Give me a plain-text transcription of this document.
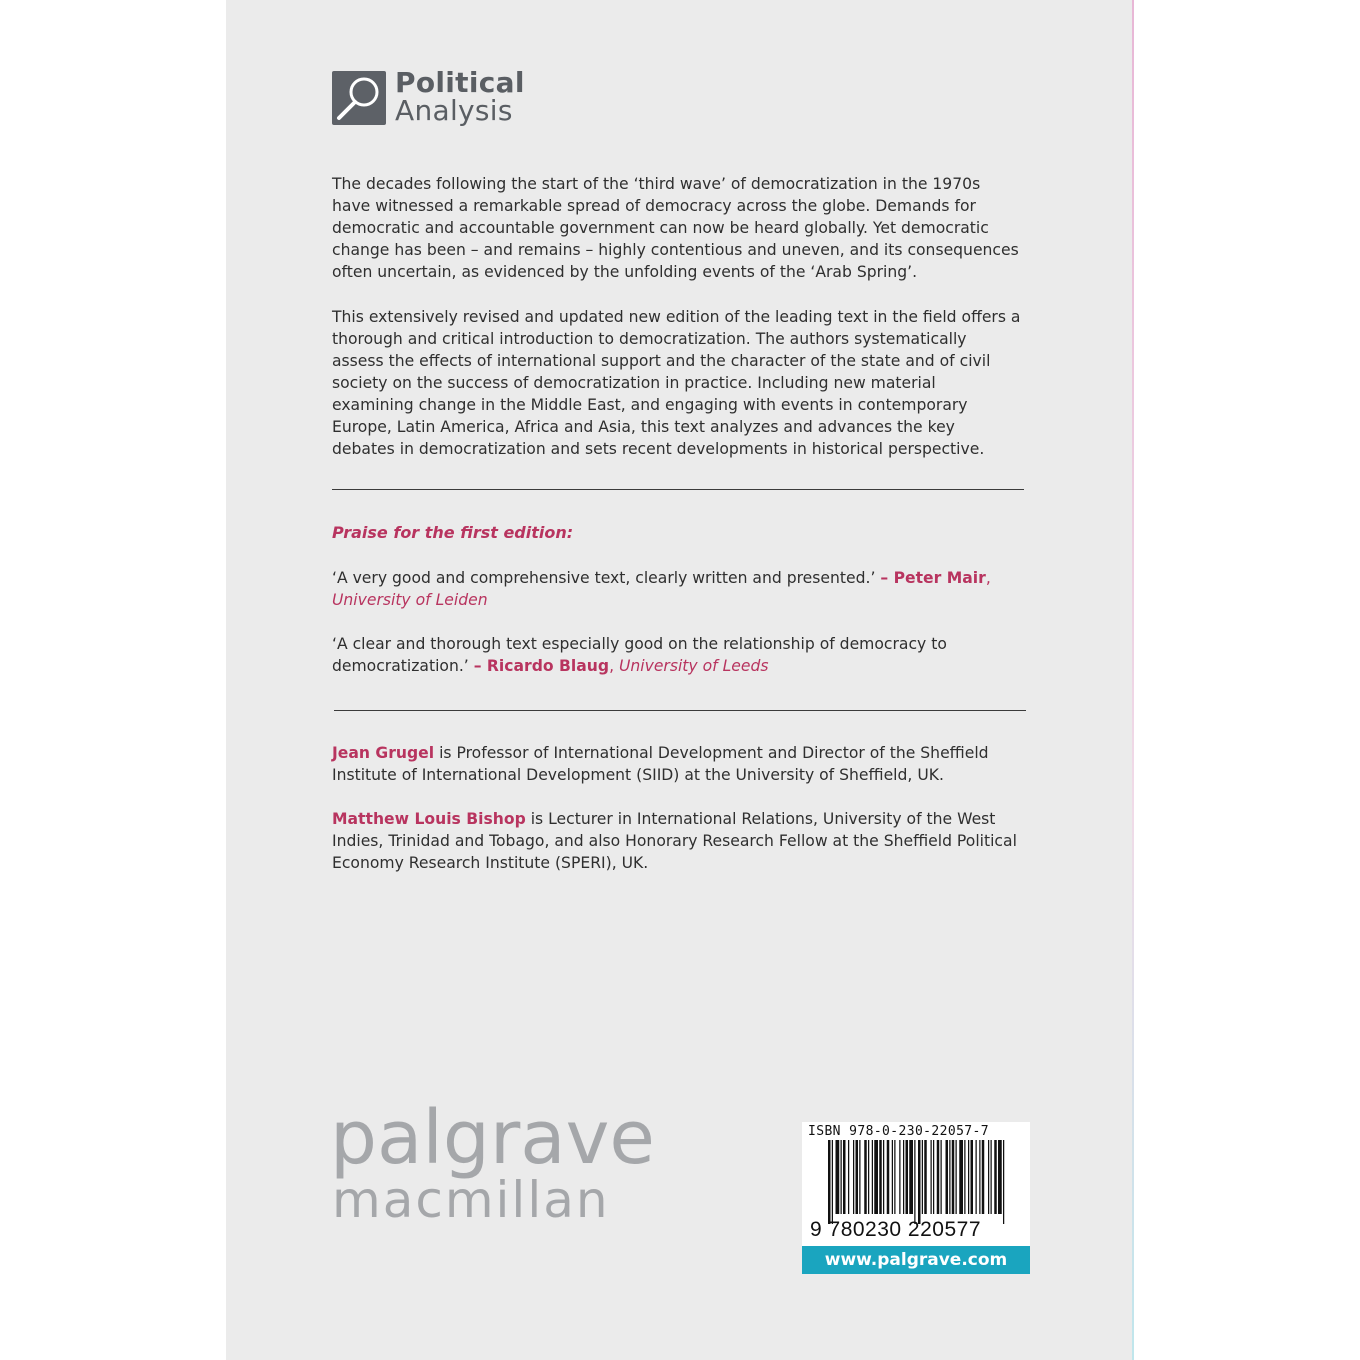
Political
Analysis

The decades following the start of the ‘third wave’ of democratization in the 1970s have witnessed a remarkable spread of democracy across the globe. Demands for democratic and accountable government can now be heard globally. Yet democratic change has been – and remains – highly contentious and uneven, and its consequences often uncertain, as evidenced by the unfolding events of the ‘Arab Spring’.

This extensively revised and updated new edition of the leading text in the field offers a thorough and critical introduction to democratization. The authors systematically assess the effects of international support and the character of the state and of civil society on the success of democratization in practice. Including new material examining change in the Middle East, and engaging with events in contemporary Europe, Latin America, Africa and Asia, this text analyzes and advances the key debates in democratization and sets recent developments in historical perspective.

Praise for the first edition:

‘A very good and comprehensive text, clearly written and presented.’ – Peter Mair, University of Leiden

‘A clear and thorough text especially good on the relationship of democracy to democratization.’ – Ricardo Blaug, University of Leeds

Jean Grugel is Professor of International Development and Director of the Sheffield Institute of International Development (SIID) at the University of Sheffield, UK.

Matthew Louis Bishop is Lecturer in International Relations, University of the West Indies, Trinidad and Tobago, and also Honorary Research Fellow at the Sheffield Political Economy Research Institute (SPERI), UK.

palgrave
macmillan
ISBN 978-0-230-22057-7
9 780230 220577
www.palgrave.com
